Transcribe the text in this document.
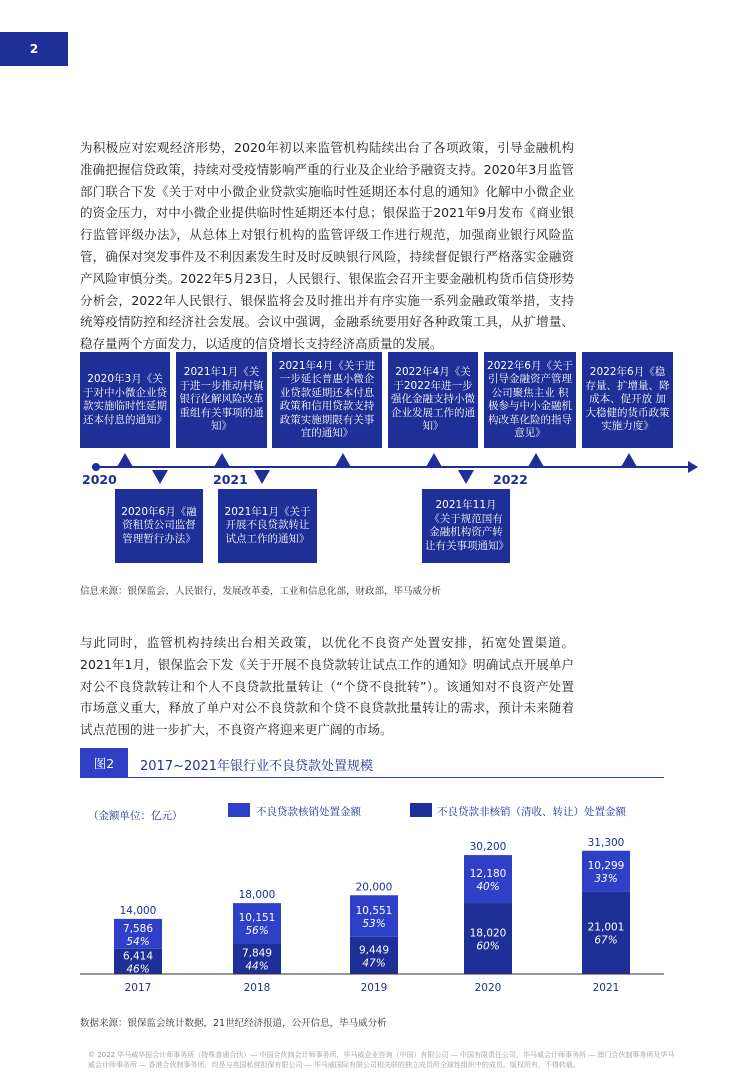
2

为积极应对宏观经济形势，2020年初以来监管机构陆续出台了各项政策，引导金融机构准确把握信贷政策，持续对受疫情影响严重的行业及企业给予融资支持。2020年3月监管部门联合下发《关于对中小微企业贷款实施临时性延期还本付息的通知》化解中小微企业的资金压力，对中小微企业提供临时性延期还本付息；银保监于2021年9月发布《商业银行监管评级办法》，从总体上对银行机构的监管评级工作进行规范，加强商业银行风险监管，确保对突发事件及不利因素发生时及时反映银行风险，持续督促银行严格落实金融资产风险审慎分类。2022年5月23日，人民银行、银保监会召开主要金融机构货币信贷形势分析会，2022年人民银行、银保监将会及时推出并有序实施一系列金融政策举措，支持统筹疫情防控和经济社会发展。会议中强调，金融系统要用好各种政策工具，从扩增量、稳存量两个方面发力，以适度的信贷增长支持经济高质量的发展。

2020年3月《关于对中小微企业贷款实施临时性延期还本付息的通知》
2021年1月《关于进一步推动村镇银行化解风险改革重组有关事项的通知》
2021年4月《关于进一步延长普惠小微企业贷款延期还本付息政策和信用贷款支持政策实施期限有关事宜的通知》
2022年4月《关于2022年进一步强化金融支持小微企业发展工作的通知》
2022年6月《关于引导金融资产管理公司聚焦主业 积极参与中小金融机构改革化险的指导意见》
2022年6月《稳存量、扩增量、降成本、促开放 加大稳健的货币政策实施力度》
2020	2021	2022
2020年6月《融资租赁公司监督管理暂行办法》
2021年1月《关于开展不良贷款转让试点工作的通知》
2021年11月《关于规范国有金融机构资产转让有关事项通知》
信息来源：银保监会，人民银行，发展改革委，工业和信息化部，财政部，毕马威分析

与此同时，监管机构持续出台相关政策，以优化不良资产处置安排，拓宽处置渠道。2021年1月，银保监会下发《关于开展不良贷款转让试点工作的通知》明确试点开展单户对公不良贷款转让和个人不良贷款批量转让（“个贷不良批转”）。该通知对不良资产处置市场意义重大，释放了单户对公不良贷款和个贷不良贷款批量转让的需求，预计未来随着试点范围的进一步扩大，不良资产将迎来更广阔的市场。

图2	2017~2021年银行业不良贷款处置规模
（金额单位：亿元）	不良贷款核销处置金额	不良贷款非核销（清收、转让）处置金额
6,414
46%
7,586
54%
14,000
2017
7,849
44%
10,151
56%
18,000
2018
9,449
47%
10,551
53%
20,000
2019
18,020
60%
12,180
40%
30,200
2020
21,001
67%
10,299
33%
31,300
2021
数据来源：银保监会统计数据，21世纪经济报道，公开信息，毕马威分析
© 2022 毕马威华振会计师事务所（特殊普通合伙）— 中国合伙制会计师事务所，毕马威企业咨询（中国）有限公司 — 中国有限责任公司，毕马威会计师事务所 — 澳门合伙制事务所及毕马威会计师事务所 — 香港合伙制事务所，均是与英国私营担保有限公司 — 毕马威国际有限公司相关联的独立成员所全球性组织中的成员。版权所有，不得转载。
